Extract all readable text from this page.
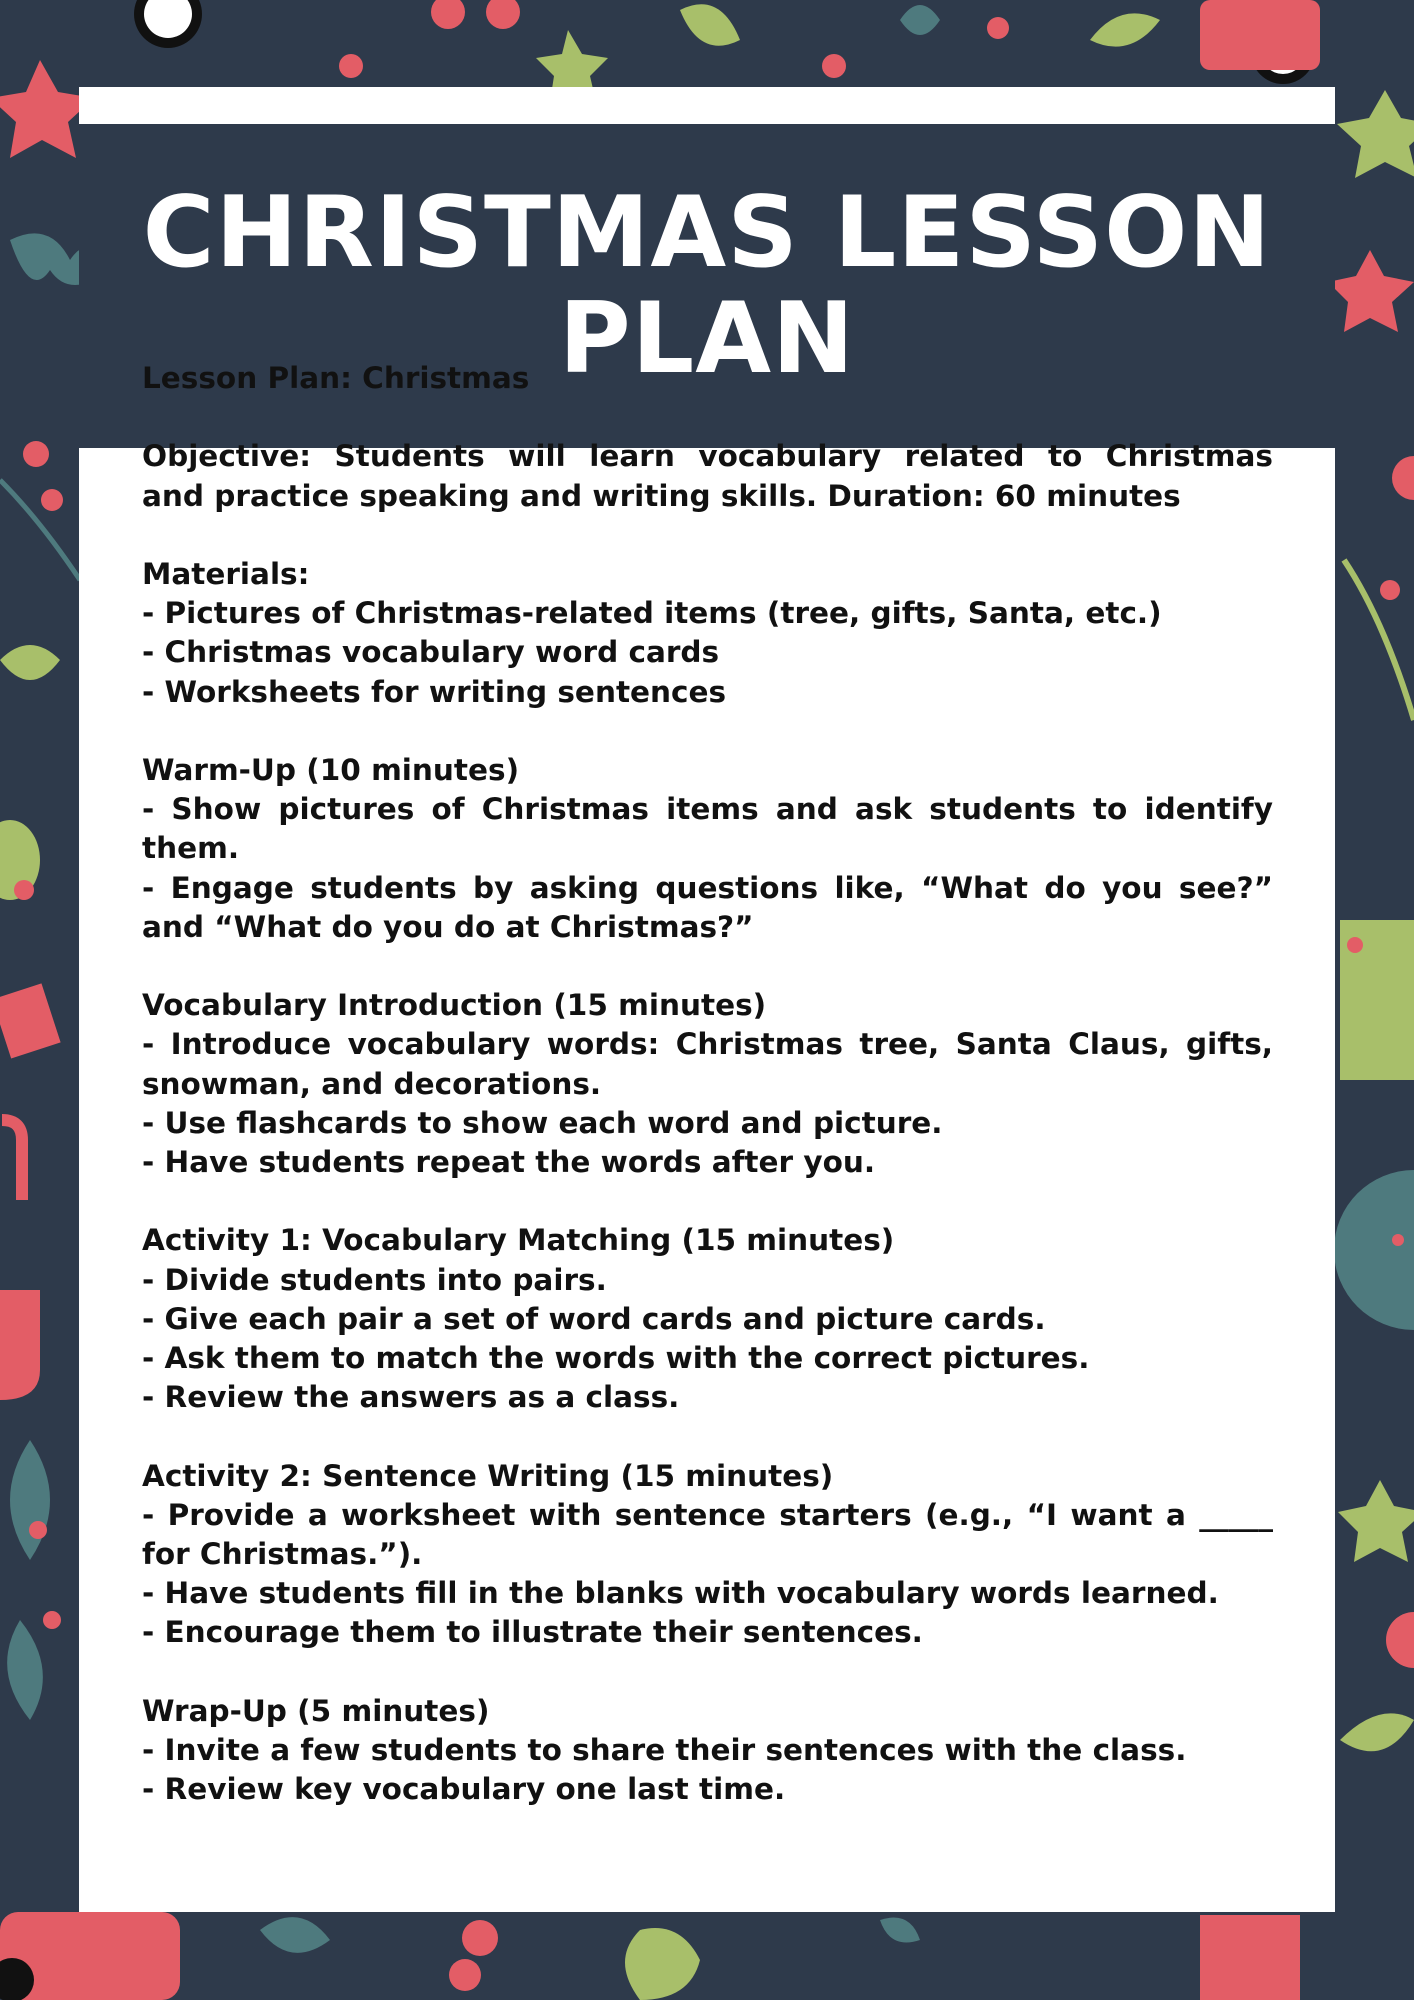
CHRISTMAS LESSON
PLAN
Lesson Plan: Christmas
Objective: Students will learn vocabulary related to Christmas
and practice speaking and writing skills. Duration: 60 minutes
Materials:
- Pictures of Christmas-related items (tree, gifts, Santa, etc.)
- Christmas vocabulary word cards
- Worksheets for writing sentences
Warm-Up (10 minutes)
- Show pictures of Christmas items and ask students to identify
them.
- Engage students by asking questions like, “What do you see?”
and “What do you do at Christmas?”
Vocabulary Introduction (15 minutes)
- Introduce vocabulary words: Christmas tree, Santa Claus, gifts,
snowman, and decorations.
- Use flashcards to show each word and picture.
- Have students repeat the words after you.
Activity 1: Vocabulary Matching (15 minutes)
- Divide students into pairs.
- Give each pair a set of word cards and picture cards.
- Ask them to match the words with the correct pictures.
- Review the answers as a class.
Activity 2: Sentence Writing (15 minutes)
- Provide a worksheet with sentence starters (e.g., “I want a _____
for Christmas.”).
- Have students fill in the blanks with vocabulary words learned.
- Encourage them to illustrate their sentences.
Wrap-Up (5 minutes)
- Invite a few students to share their sentences with the class.
- Review key vocabulary one last time.
